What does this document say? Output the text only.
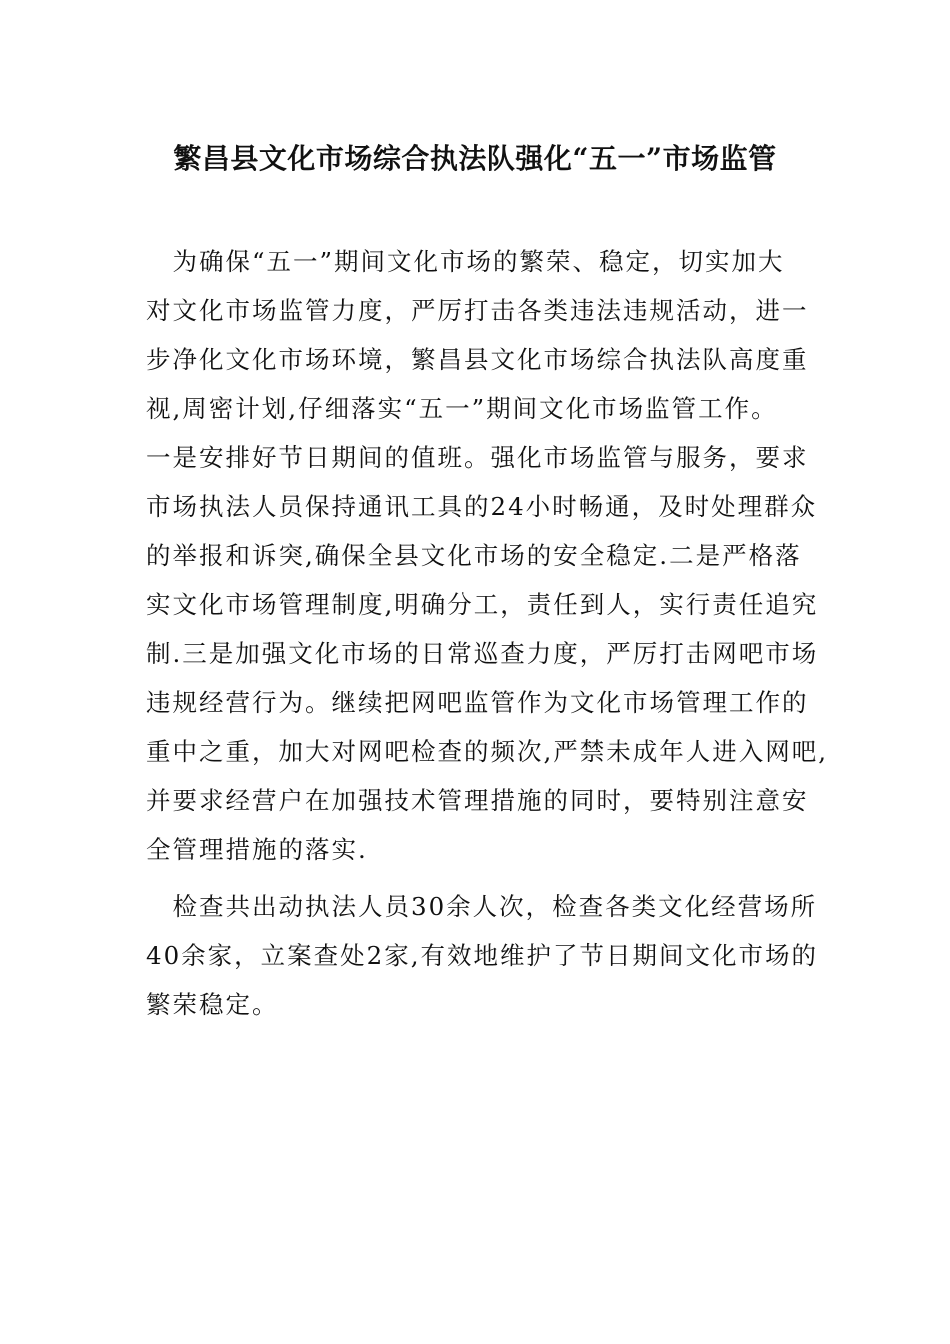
繁昌县文化市场综合执法队强化“五一”市场监管

　为确保“五一”期间文化市场的繁荣、稳定，切实加大

对文化市场监管力度，严厉打击各类违法违规活动，进一

步净化文化市场环境，繁昌县文化市场综合执法队高度重

视,周密计划,仔细落实“五一”期间文化市场监管工作。

一是安排好节日期间的值班。强化市场监管与服务，要求

市场执法人员保持通讯工具的24小时畅通，及时处理群众

的举报和诉突,确保全县文化市场的安全稳定.二是严格落

实文化市场管理制度,明确分工，责任到人，实行责任追究

制.三是加强文化市场的日常巡查力度，严厉打击网吧市场

违规经营行为。继续把网吧监管作为文化市场管理工作的

重中之重，加大对网吧检查的频次,严禁未成年人进入网吧,

并要求经营户在加强技术管理措施的同时，要特别注意安

全管理措施的落实.

　检查共出动执法人员30余人次，检查各类文化经营场所

40余家，立案查处2家,有效地维护了节日期间文化市场的

繁荣稳定。
